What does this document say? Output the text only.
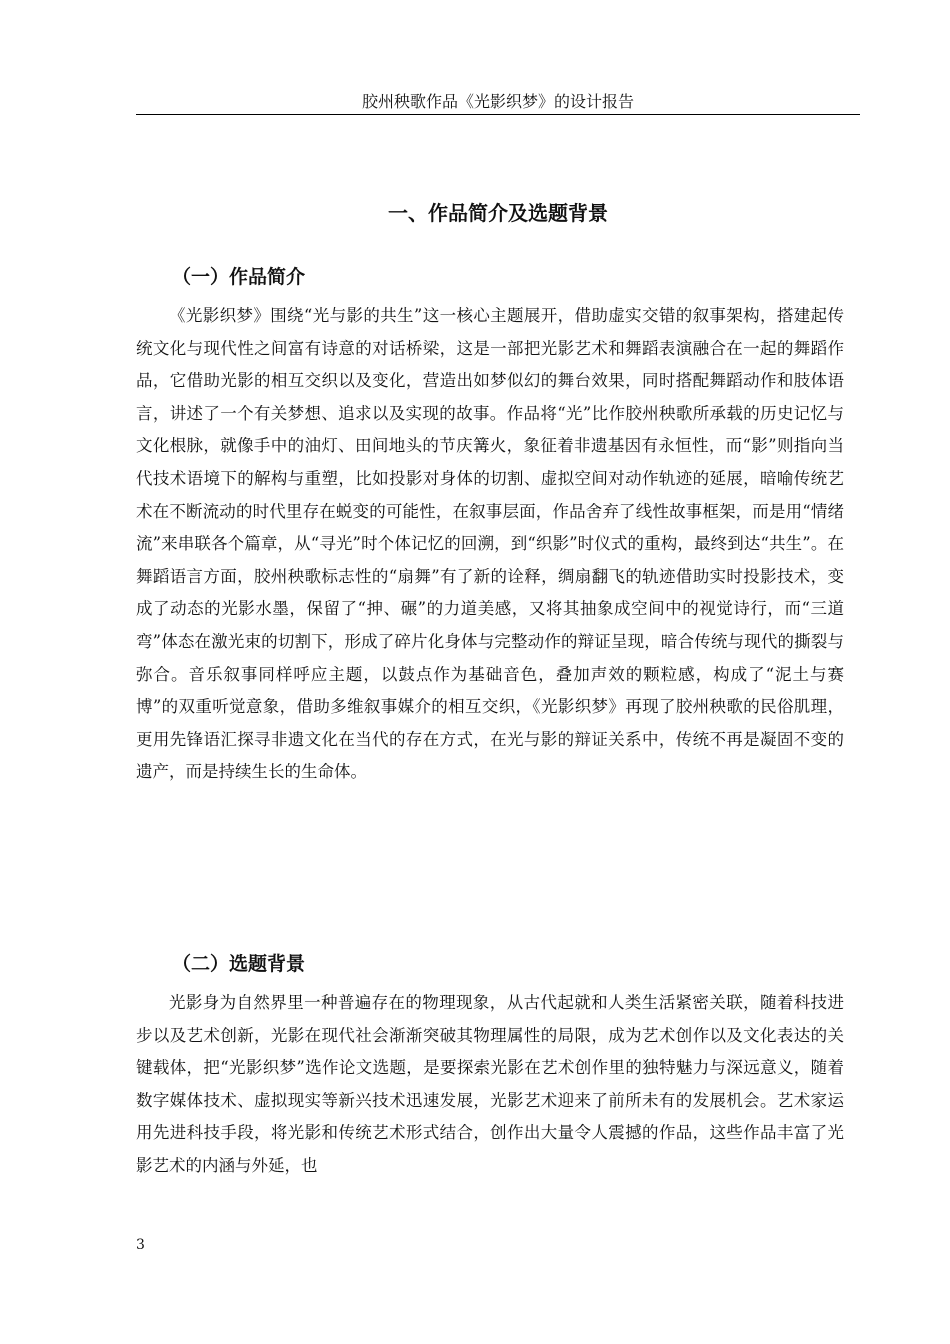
胶州秧歌作品《光影织梦》的设计报告
一、作品简介及选题背景
（一）作品简介
《光影织梦》围绕“光与影的共生”这一核心主题展开，借助虚实交错的叙事架构，搭建起传统文化与现代性之间富有诗意的对话桥梁，这是一部把光影艺术和舞蹈表演融合在一起的舞蹈作品，它借助光影的相互交织以及变化，营造出如梦似幻的舞台效果，同时搭配舞蹈动作和肢体语言，讲述了一个有关梦想、追求以及实现的故事。作品将“光”比作胶州秧歌所承载的历史记忆与文化根脉，就像手中的油灯、田间地头的节庆篝火，象征着非遗基因有永恒性，而“影”则指向当代技术语境下的解构与重塑，比如投影对身体的切割、虚拟空间对动作轨迹的延展，暗喻传统艺术在不断流动的时代里存在蜕变的可能性，在叙事层面，作品舍弃了线性故事框架，而是用“情绪流”来串联各个篇章，从“寻光”时个体记忆的回溯，到“织影”时仪式的重构，最终到达“共生”。在舞蹈语言方面，胶州秧歌标志性的“扇舞”有了新的诠释，绸扇翻飞的轨迹借助实时投影技术，变成了动态的光影水墨，保留了“抻、碾”的力道美感，又将其抽象成空间中的视觉诗行，而“三道弯”体态在激光束的切割下，形成了碎片化身体与完整动作的辩证呈现，暗合传统与现代的撕裂与弥合。音乐叙事同样呼应主题，以鼓点作为基础音色，叠加声效的颗粒感，构成了“泥土与赛博”的双重听觉意象，借助多维叙事媒介的相互交织，《光影织梦》再现了胶州秧歌的民俗肌理，更用先锋语汇探寻非遗文化在当代的存在方式，在光与影的辩证关系中，传统不再是凝固不变的遗产，而是持续生长的生命体。
（二）选题背景
光影身为自然界里一种普遍存在的物理现象，从古代起就和人类生活紧密关联，随着科技进步以及艺术创新，光影在现代社会渐渐突破其物理属性的局限，成为艺术创作以及文化表达的关键载体，把“光影织梦”选作论文选题，是要探索光影在艺术创作里的独特魅力与深远意义，随着数字媒体技术、虚拟现实等新兴技术迅速发展，光影艺术迎来了前所未有的发展机会。艺术家运用先进科技手段，将光影和传统艺术形式结合，创作出大量令人震撼的作品，这些作品丰富了光影艺术的内涵与外延，也
3
